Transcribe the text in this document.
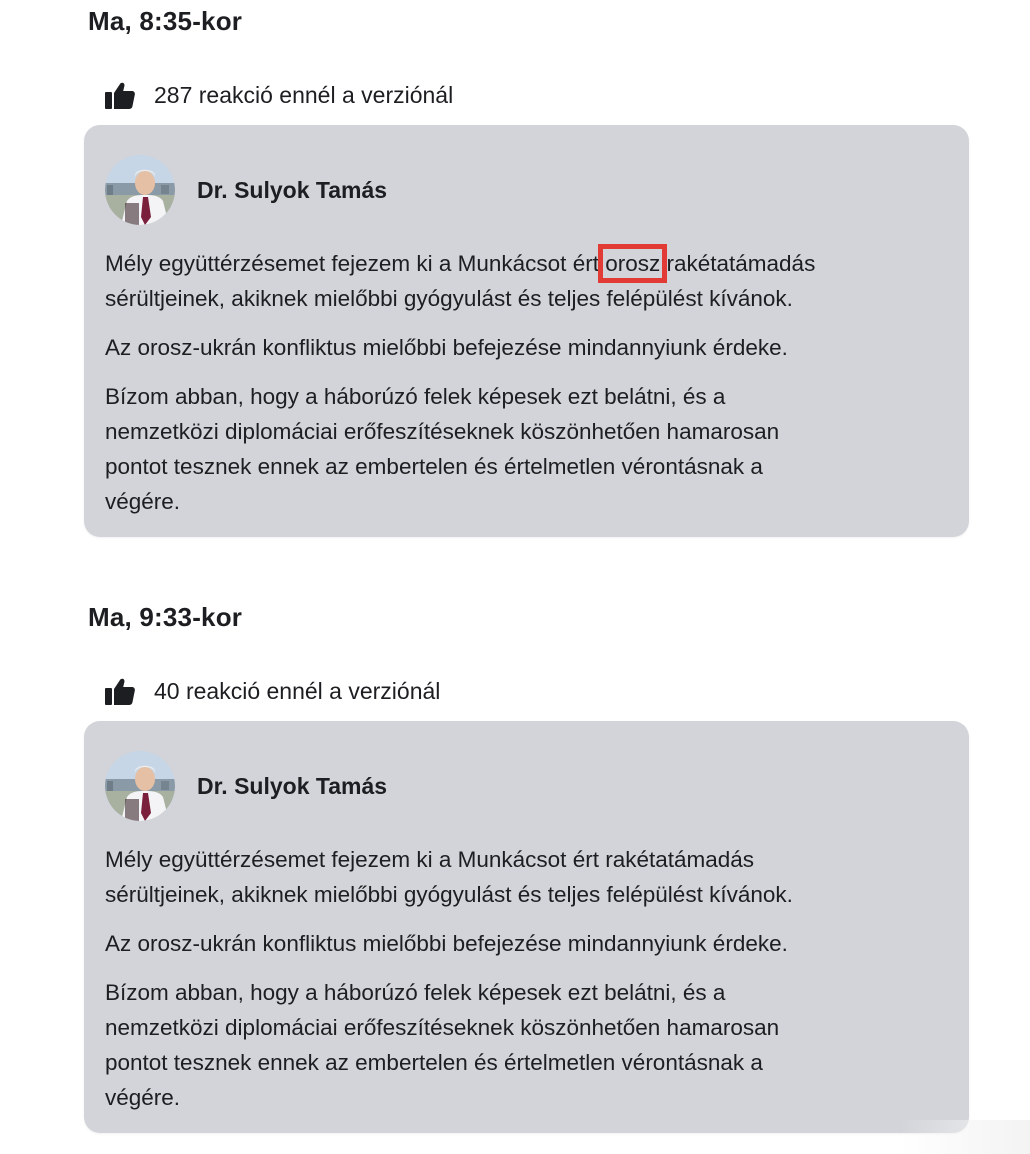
Ma, 8:35-kor
287 reakció ennél a verziónál
Dr. Sulyok Tamás

Mély együttérzésemet fejezem ki a Munkácsot ért orosz rakétatámadás
sérültjeinek, akiknek mielőbbi gyógyulást és teljes felépülést kívánok.

Az orosz-ukrán konfliktus mielőbbi befejezése mindannyiunk érdeke.

Bízom abban, hogy a háborúzó felek képesek ezt belátni, és a
nemzetközi diplomáciai erőfeszítéseknek köszönhetően hamarosan
pontot tesznek ennek az embertelen és értelmetlen vérontásnak a
végére.

Ma, 9:33-kor
40 reakció ennél a verziónál
Dr. Sulyok Tamás

Mély együttérzésemet fejezem ki a Munkácsot ért rakétatámadás
sérültjeinek, akiknek mielőbbi gyógyulást és teljes felépülést kívánok.

Az orosz-ukrán konfliktus mielőbbi befejezése mindannyiunk érdeke.

Bízom abban, hogy a háborúzó felek képesek ezt belátni, és a
nemzetközi diplomáciai erőfeszítéseknek köszönhetően hamarosan
pontot tesznek ennek az embertelen és értelmetlen vérontásnak a
végére.
